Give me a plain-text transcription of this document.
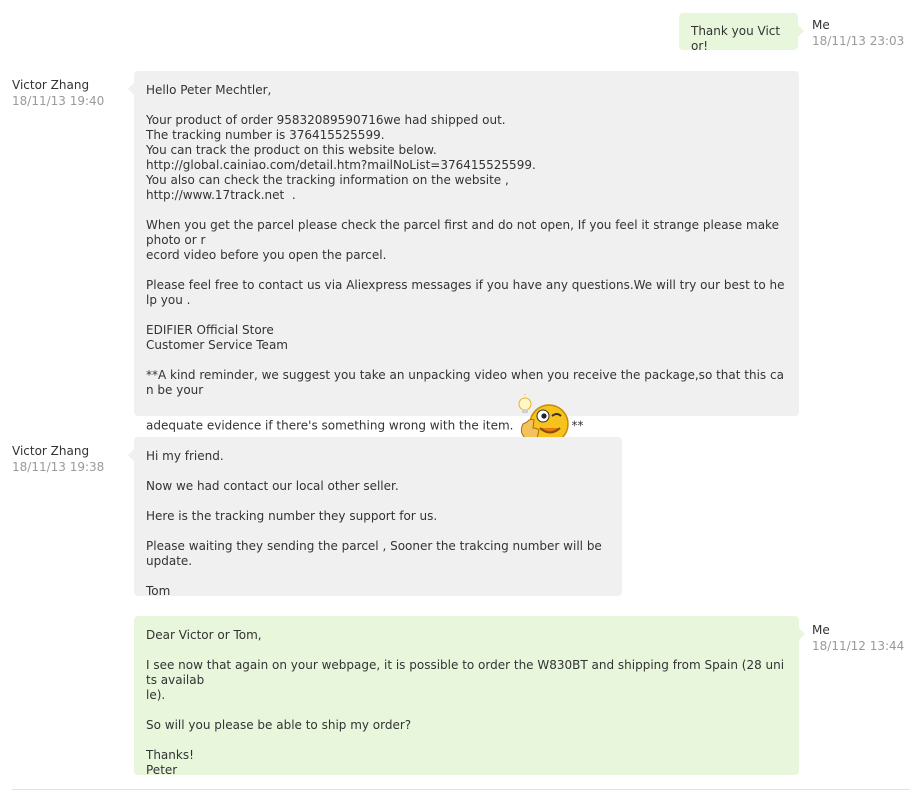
Thank you Victor!

Me
18/11/13 23:03
Victor Zhang
18/11/13 19:40

Hello Peter Mechtler,

Your product of order 95832089590716we had shipped out.
The tracking number is 376415525599.
You can track the product on this website below.
http://global.cainiao.com/detail.htm?mailNoList=376415525599.
You also can check the tracking information on the website ,
http://www.17track.net  .

When you get the parcel please check the parcel first and do not open, If you feel it strange please make photo or r
ecord video before you open the parcel.

Please feel free to contact us via Aliexpress messages if you have any questions.We will try our best to help you .

EDIFIER Official Store
Customer Service Team

**A kind reminder, we suggest you take an unpacking video when you receive the package,so that this can be your

adequate evidence if there's something wrong with the item.	**
Victor Zhang
18/11/13 19:38

Hi my friend.

Now we had contact our local other seller.

Here is the tracking number they support for us.

Please waiting they sending the parcel , Sooner the trakcing number will be update.

Tom

Dear Victor or Tom,

I see now that again on your webpage, it is possible to order the W830BT and shipping from Spain (28 units availab
le).

So will you please be able to ship my order?

Thanks!
Peter

Me
18/11/12 13:44
